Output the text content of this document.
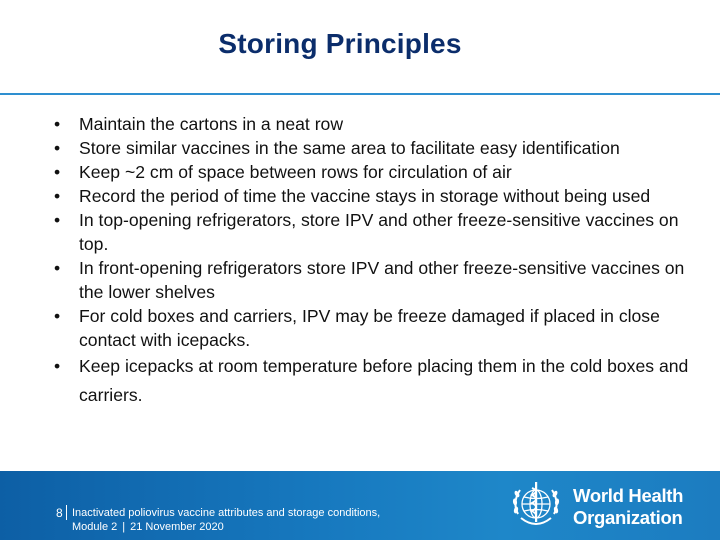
Storing Principles
• Maintain the cartons in a neat row
• Store similar vaccines in the same area to facilitate easy identification
• Keep ~2 cm of space between rows for circulation of air
• Record the period of time the vaccine stays in storage without being used
• In top-opening refrigerators, store IPV and other freeze-sensitive vaccines on top.
• In front-opening refrigerators store IPV and other freeze-sensitive vaccines on the lower shelves
• For cold boxes and carriers, IPV may be freeze damaged if placed in close contact with icepacks.
• Keep icepacks at room temperature before placing them in the cold boxes and carriers.
8 Inactivated poliovirus vaccine attributes and storage conditions,
Module 2 | 21 November 2020
World Health
Organization
